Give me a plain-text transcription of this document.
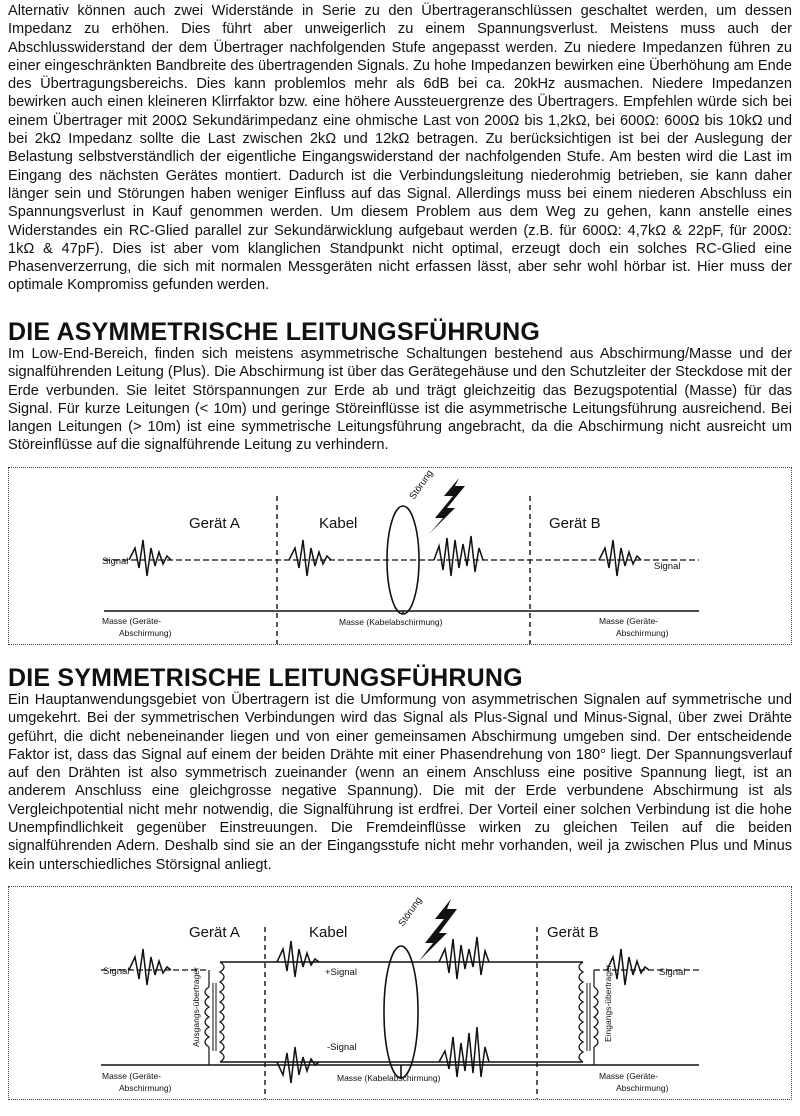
Alternativ können auch zwei Widerstände in Serie zu den Übertrageranschlüssen geschaltet werden, um dessen Impedanz zu erhöhen. Dies führt aber unweigerlich zu einem Spannungsverlust. Meistens muss auch der Abschlusswiderstand der dem Übertrager nachfolgenden Stufe angepasst werden. Zu niedere Impedanzen führen zu einer eingeschränkten Bandbreite des übertragenden Signals. Zu hohe Impedanzen bewirken eine Überhöhung am Ende des Übertragungsbereichs. Dies kann problemlos mehr als 6dB bei ca. 20kHz ausmachen. Niedere Impedanzen bewirken auch einen kleineren Klirrfaktor bzw. eine höhere Aussteuergrenze des Übertragers. Empfehlen würde sich bei einem Übertrager mit 200Ω Sekundärimpedanz eine ohmische Last von 200Ω bis 1,2kΩ, bei 600Ω: 600Ω bis 10kΩ und bei 2kΩ Impedanz sollte die Last zwischen 2kΩ und 12kΩ betragen. Zu berücksichtigen ist bei der Auslegung der Belastung selbstverständlich der eigentliche Eingangswiderstand der nachfolgenden Stufe. Am besten wird die Last im Eingang des nächsten Gerätes montiert. Dadurch ist die Verbindungsleitung niederohmig betrieben, sie kann daher länger sein und Störungen haben weniger Einfluss auf das Signal. Allerdings muss bei einem niederen Abschluss ein Spannungsverlust in Kauf genommen werden. Um diesem Problem aus dem Weg zu gehen, kann anstelle eines Widerstandes ein RC-Glied parallel zur Sekundärwicklung aufgebaut werden (z.B. für 600Ω: 4,7kΩ & 22pF, für 200Ω: 1kΩ & 47pF). Dies ist aber vom klanglichen Standpunkt nicht optimal, erzeugt doch ein solches RC-Glied eine Phasenverzerrung, die sich mit normalen Messgeräten nicht erfassen lässt, aber sehr wohl hörbar ist. Hier muss der optimale Kompromiss gefunden werden.

DIE ASYMMETRISCHE LEITUNGSFÜHRUNG

Im Low-End-Bereich, finden sich meistens asymmetrische Schaltungen bestehend aus Abschirmung/Masse und der signalführenden Leitung (Plus). Die Abschirmung ist über das Gerätegehäuse und den Schutzleiter der Steckdose mit der Erde verbunden. Sie leitet Störspannungen zur Erde ab und trägt gleichzeitig das Bezugspotential (Masse) für das Signal. Für kurze Leitungen (< 10m) und geringe Störeinflüsse ist die asymmetrische Leitungsführung ausreichend. Bei langen Leitungen (> 10m) ist eine symmetrische Leitungsführung angebracht, da die Abschirmung nicht ausreicht um Störeinflüsse auf die signalführende Leitung zu verhindern.

Störung
Gerät A	Kabel	Gerät B
Signal	Signal
Masse (Geräte-
Abschirmung)
Masse (Kabelabschirmung)	Masse (Geräte-
Abschirmung)
DIE SYMMETRISCHE LEITUNGSFÜHRUNG

Ein Hauptanwendungsgebiet von Übertragern ist die Umformung von asymmetrischen Signalen auf symmetrische und umgekehrt. Bei der symmetrischen Verbindungen wird das Signal als Plus-Signal und Minus-Signal, über zwei Drähte geführt, die dicht nebeneinander liegen und von einer gemeinsamen Abschirmung umgeben sind. Der entscheidende Faktor ist, dass das Signal auf einem der beiden Drähte mit einer Phasendrehung von 180° liegt. Der Spannungsverlauf auf den Drähten ist also symmetrisch zueinander (wenn an einem Anschluss eine positive Spannung liegt, ist an anderem Anschluss eine gleichgrosse negative Spannung). Die mit der Erde verbundene Abschirmung ist als Vergleichpotential nicht mehr notwendig, die Signalführung ist erdfrei. Der Vorteil einer solchen Verbindung ist die hohe Unempfindlichkeit gegenüber Einstreuungen. Die Fremdeinflüsse wirken zu gleichen Teilen auf die beiden signalführenden Adern. Deshalb sind sie an der Eingangsstufe nicht mehr vorhanden, weil ja zwischen Plus und Minus kein unterschiedliches Störsignal anliegt.

Ausgangs-übertrager	Eingangs-übertrager
Störung
Gerät A	Kabel	Gerät B
Signal	Signal
+Signal
-Signal
Masse (Geräte-
Abschirmung)
Masse (Kabelabschirmung)	Masse (Geräte-
Abschirmung)
